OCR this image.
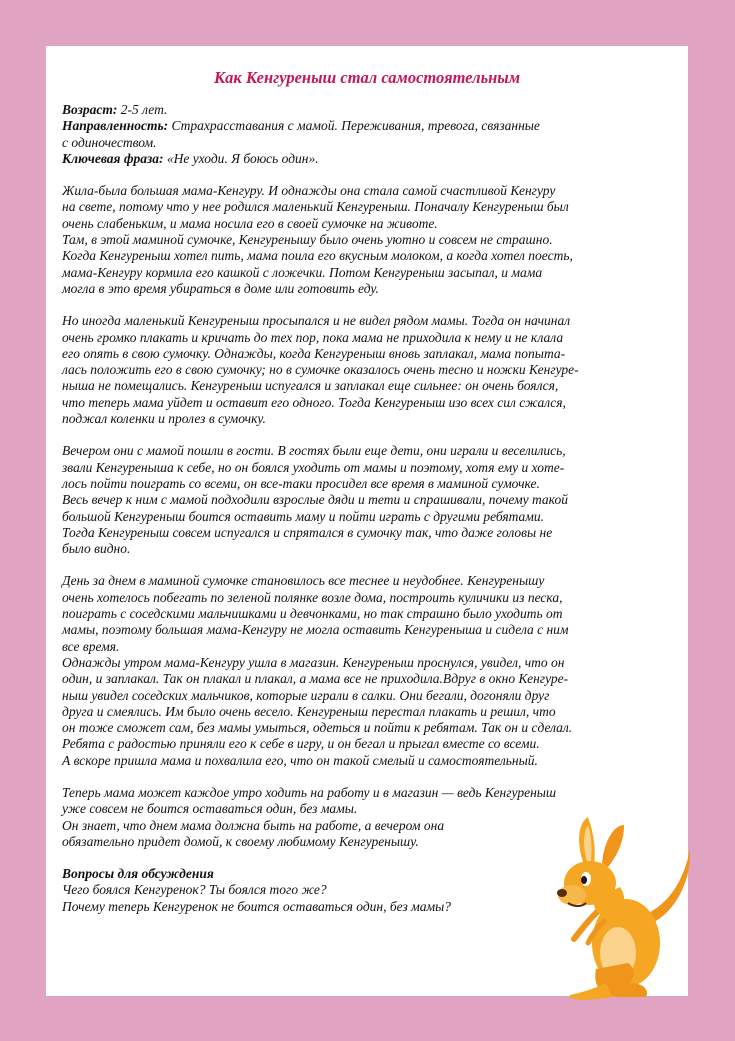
Как Кенгуреныш стал самостоятельным
Возраст: 2-5 лет.
Направленность: Страхрасставания с мамой. Переживания, тревога, связанные
с одиночеством.
Ключевая фраза: «Не уходи. Я боюсь один».
Жила-была большая мама-Кенгуру. И однажды она стала самой счастливой Кенгуру
на свете, потому что у нее родился маленький Кенгуреныш. Поначалу Кенгуреныш был
очень слабеньким, и мама носила его в своей сумочке на животе.
Там, в этой маминой сумочке, Кенгуренышу было очень уютно и совсем не страшно.
Когда Кенгуреныш хотел пить, мама поила его вкусным молоком, а когда хотел поесть,
мама-Кенгуру кормила его кашкой с ложечки. Потом Кенгуреныш засыпал, и мама
могла в это время убираться в доме или готовить еду.
Но иногда маленький Кенгуреныш просыпался и не видел рядом мамы. Тогда он начинал
очень громко плакать и кричать до тех пор, пока мама не приходила к нему и не клала
его опять в свою сумочку. Однажды, когда Кенгуреныш вновь заплакал, мама попыта-
лась положить его в свою сумочку; но в сумочке оказалось очень тесно и ножки Кенгуре-
ныша не помещались. Кенгуреныш испугался и заплакал еще сильнее: он очень боялся,
что теперь мама уйдет и оставит его одного. Тогда Кенгуреныш изо всех сил сжался,
поджал коленки и пролез в сумочку.
Вечером они с мамой пошли в гости. В гостях были еще дети, они играли и веселились,
звали Кенгуреныша к себе, но он боялся уходить от мамы и поэтому, хотя ему и хоте-
лось пойти поиграть со всеми, он все-таки просидел все время в маминой сумочке.
Весь вечер к ним с мамой подходили взрослые дяди и тети и спрашивали, почему такой
большой Кенгуреныш боится оставить маму и пойти играть с другими ребятами.
Тогда Кенгуреныш совсем испугался и спрятался в сумочку так, что даже головы не
было видно.
День за днем в маминой сумочке становилось все теснее и неудобнее. Кенгуренышу
очень хотелось побегать по зеленой полянке возле дома, построить куличики из песка,
поиграть с соседскими мальчишками и девчонками, но так страшно было уходить от
мамы, поэтому большая мама-Кенгуру не могла оставить Кенгуреныша и сидела с ним
все время.
Однажды утром мама-Кенгуру ушла в магазин. Кенгуреныш проснулся, увидел, что он
один, и заплакал. Так он плакал и плакал, а мама все не приходила.Вдруг в окно Кенгуре-
ныш увидел соседских мальчиков, которые играли в салки. Они бегали, догоняли друг
друга и смеялись. Им было очень весело. Кенгуреныш перестал плакать и решил, что
он тоже сможет сам, без мамы умыться, одеться и пойти к ребятам. Так он и сделал.
Ребята с радостью приняли его к себе в игру, и он бегал и прыгал вместе со всеми.
А вскоре пришла мама и похвалила его, что он такой смелый и самостоятельный.
Теперь мама может каждое утро ходить на работу и в магазин — ведь Кенгуреныш
уже совсем не боится оставаться один, без мамы.
Он знает, что днем мама должна быть на работе, а вечером она
обязательно придет домой, к своему любимому Кенгуренышу.
Вопросы для обсуждения
Чего боялся Кенгуренок? Ты боялся того же?
Почему теперь Кенгуренок не боится оставаться один, без мамы?
